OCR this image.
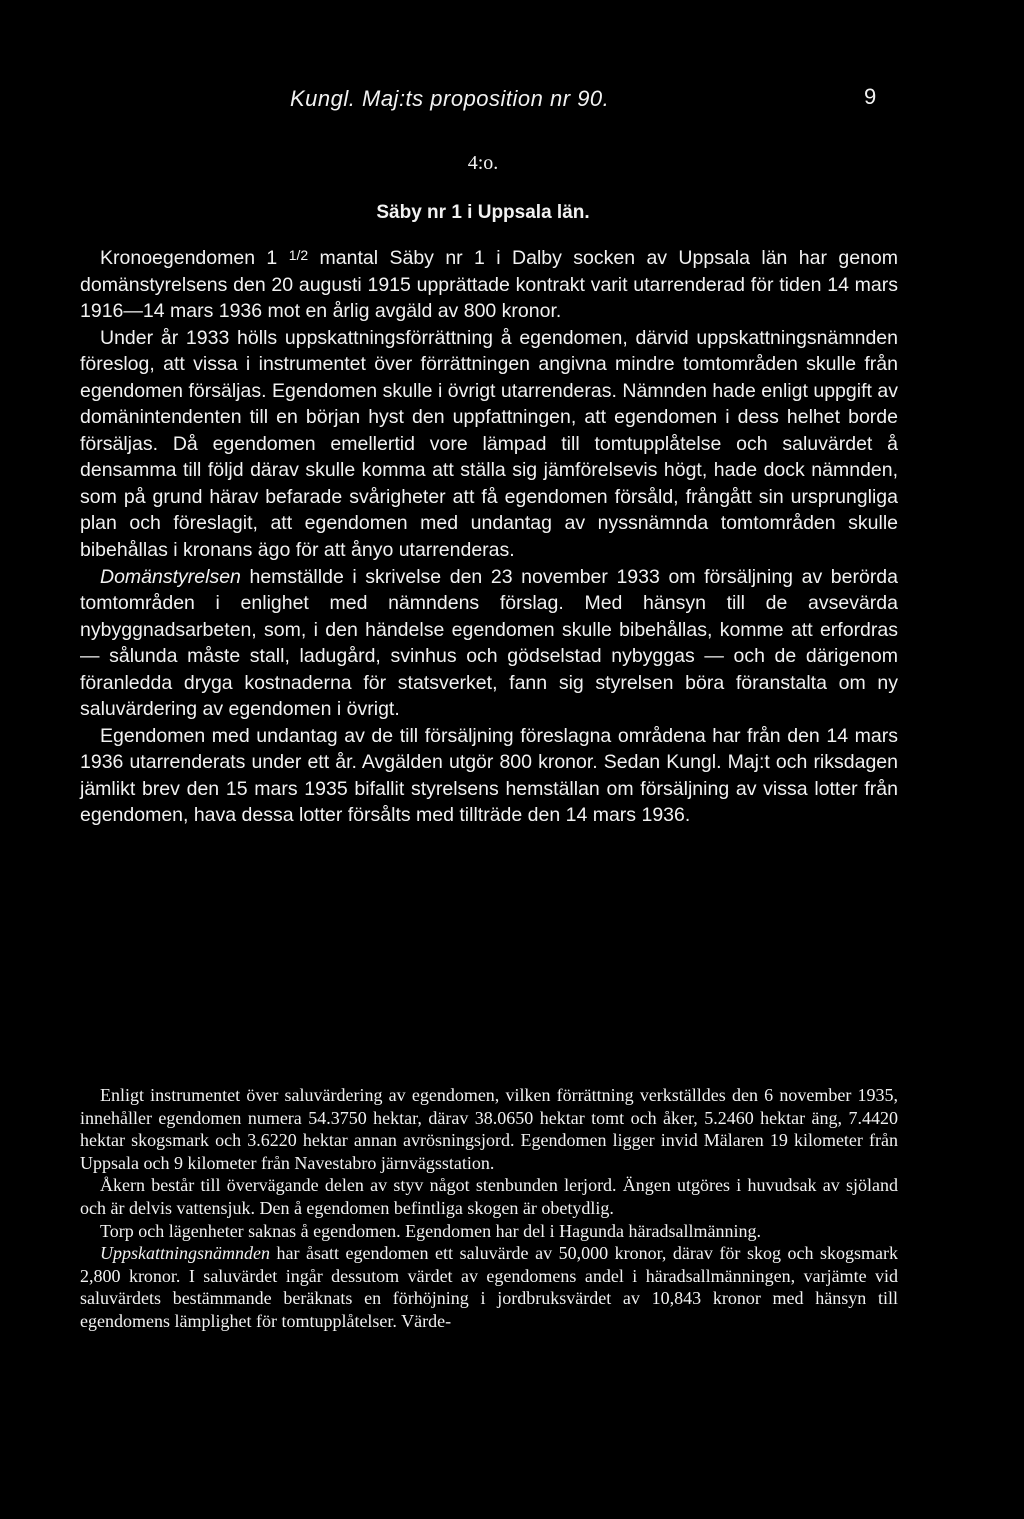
Kungl. Maj:ts proposition nr 90.	9
4:o.
Säby nr 1 i Uppsala län.

Kronoegendomen 1 $^{1/2}$ mantal Säby nr 1 i Dalby socken av Uppsala län har genom domänstyrelsens den 20 augusti 1915 upprättade kontrakt varit utarrenderad för tiden 14 mars 1916—14 mars 1936 mot en årlig avgäld av 800 kronor.

Under år 1933 hölls uppskattningsförrättning å egendomen, därvid uppskattningsnämnden föreslog, att vissa i instrumentet över förrättningen angivna mindre tomtområden skulle från egendomen försäljas. Egendomen skulle i övrigt utarrenderas. Nämnden hade enligt uppgift av domänintendenten till en början hyst den uppfattningen, att egendomen i dess helhet borde försäljas. Då egendomen emellertid vore lämpad till tomtupplåtelse och saluvärdet å densamma till följd därav skulle komma att ställa sig jämförelsevis högt, hade dock nämnden, som på grund härav befarade svårigheter att få egendomen försåld, frångått sin ursprungliga plan och föreslagit, att egendomen med undantag av nyssnämnda tomtområden skulle bibehållas i kronans ägo för att ånyo utarrenderas.

Domänstyrelsen hemställde i skrivelse den 23 november 1933 om försäljning av berörda tomtområden i enlighet med nämndens förslag. Med hänsyn till de avsevärda nybyggnadsarbeten, som, i den händelse egendomen skulle bibehållas, komme att erfordras — sålunda måste stall, ladugård, svinhus och gödselstad nybyggas — och de därigenom föranledda dryga kostnaderna för statsverket, fann sig styrelsen böra föranstalta om ny saluvärdering av egendomen i övrigt.

Egendomen med undantag av de till försäljning föreslagna områdena har från den 14 mars 1936 utarrenderats under ett år. Avgälden utgör 800 kronor. Sedan Kungl. Maj:t och riksdagen jämlikt brev den 15 mars 1935 bifallit styrelsens hemställan om försäljning av vissa lotter från egendomen, hava dessa lotter försålts med tillträde den 14 mars 1936.

Enligt instrumentet över saluvärdering av egendomen, vilken förrättning verkställdes den 6 november 1935, innehåller egendomen numera 54.3750 hektar, därav 38.0650 hektar tomt och åker, 5.2460 hektar äng, 7.4420 hektar skogsmark och 3.6220 hektar annan avrösningsjord. Egendomen ligger invid Mälaren 19 kilometer från Uppsala och 9 kilometer från Navestabro järnvägsstation.

Åkern består till övervägande delen av styv något stenbunden lerjord. Ängen utgöres i huvudsak av sjöland och är delvis vattensjuk. Den å egendomen befintliga skogen är obetydlig.

Torp och lägenheter saknas å egendomen. Egendomen har del i Hagunda häradsallmänning.

Uppskattningsnämnden har åsatt egendomen ett saluvärde av 50,000 kronor, därav för skog och skogsmark 2,800 kronor. I saluvärdet ingår dessutom värdet av egendomens andel i häradsallmänningen, varjämte vid saluvärdets bestämmande beräknats en förhöjning i jordbruksvärdet av 10,843 kronor med hänsyn till egendomens lämplighet för tomtupplåtelser. Värde-
